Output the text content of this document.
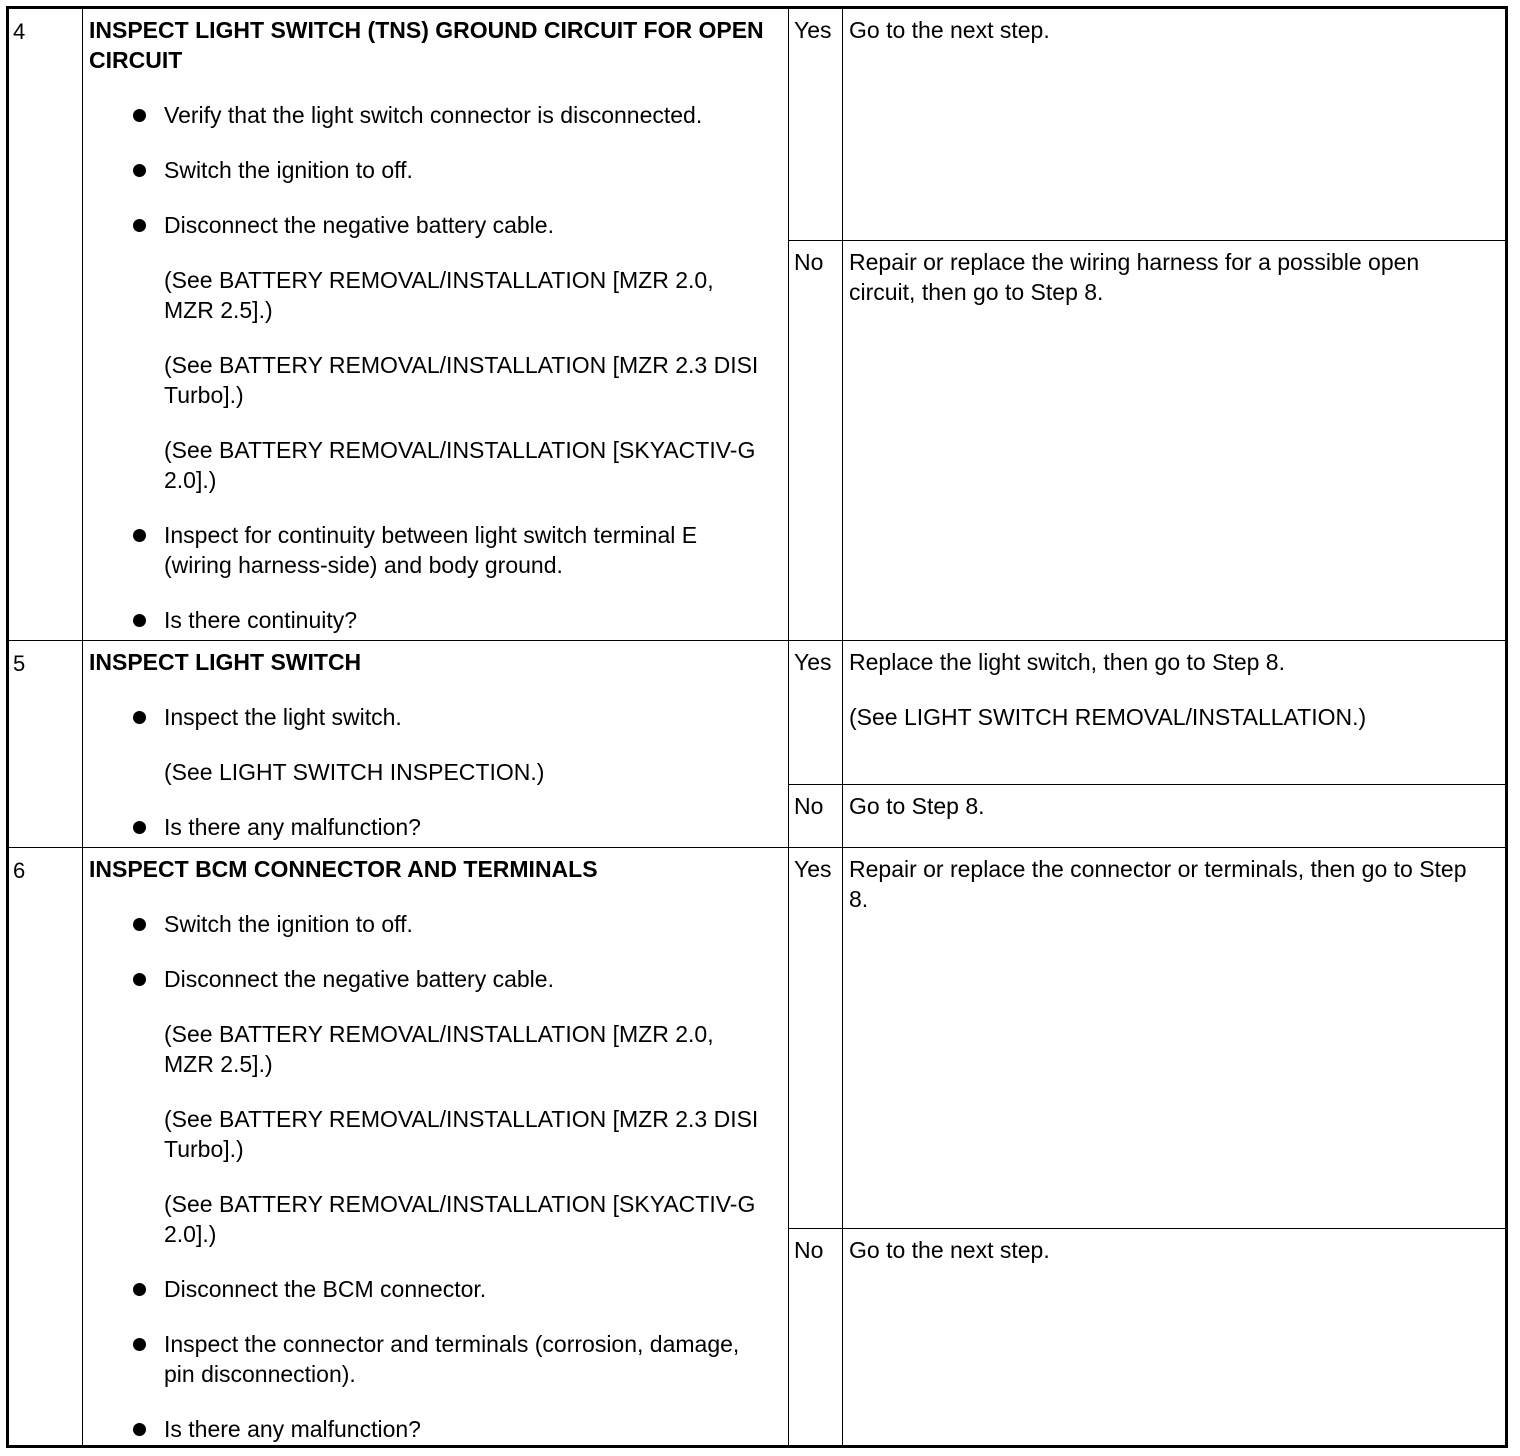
4	INSPECT LIGHT SWITCH (TNS) GROUND CIRCUIT FOR OPEN CIRCUIT

Verify that the light switch connector is disconnected.

Switch the ignition to off.

Disconnect the negative battery cable.

(See BATTERY REMOVAL/INSTALLATION [MZR 2.0, MZR 2.5].)

(See BATTERY REMOVAL/INSTALLATION [MZR 2.3 DISI Turbo].)

(See BATTERY REMOVAL/INSTALLATION [SKYACTIV-G 2.0].)

Inspect for continuity between light switch terminal E (wiring harness-side) and body ground.

Is there continuity?

Yes Go to the next step.

No	Repair or replace the wiring harness for a possible open circuit, then go to Step 8.

5	INSPECT LIGHT SWITCH

Inspect the light switch.

(See LIGHT SWITCH INSPECTION.)

Is there any malfunction?

Yes Replace the light switch, then go to Step 8.

(See LIGHT SWITCH REMOVAL/INSTALLATION.)

No	Go to Step 8.

6	INSPECT BCM CONNECTOR AND TERMINALS

Switch the ignition to off.

Disconnect the negative battery cable.

(See BATTERY REMOVAL/INSTALLATION [MZR 2.0, MZR 2.5].)

(See BATTERY REMOVAL/INSTALLATION [MZR 2.3 DISI Turbo].)

(See BATTERY REMOVAL/INSTALLATION [SKYACTIV-G 2.0].)

Disconnect the BCM connector.

Inspect the connector and terminals (corrosion, damage, pin disconnection).

Is there any malfunction?

Yes Repair or replace the connector or terminals, then go to Step 8.

No	Go to the next step.
